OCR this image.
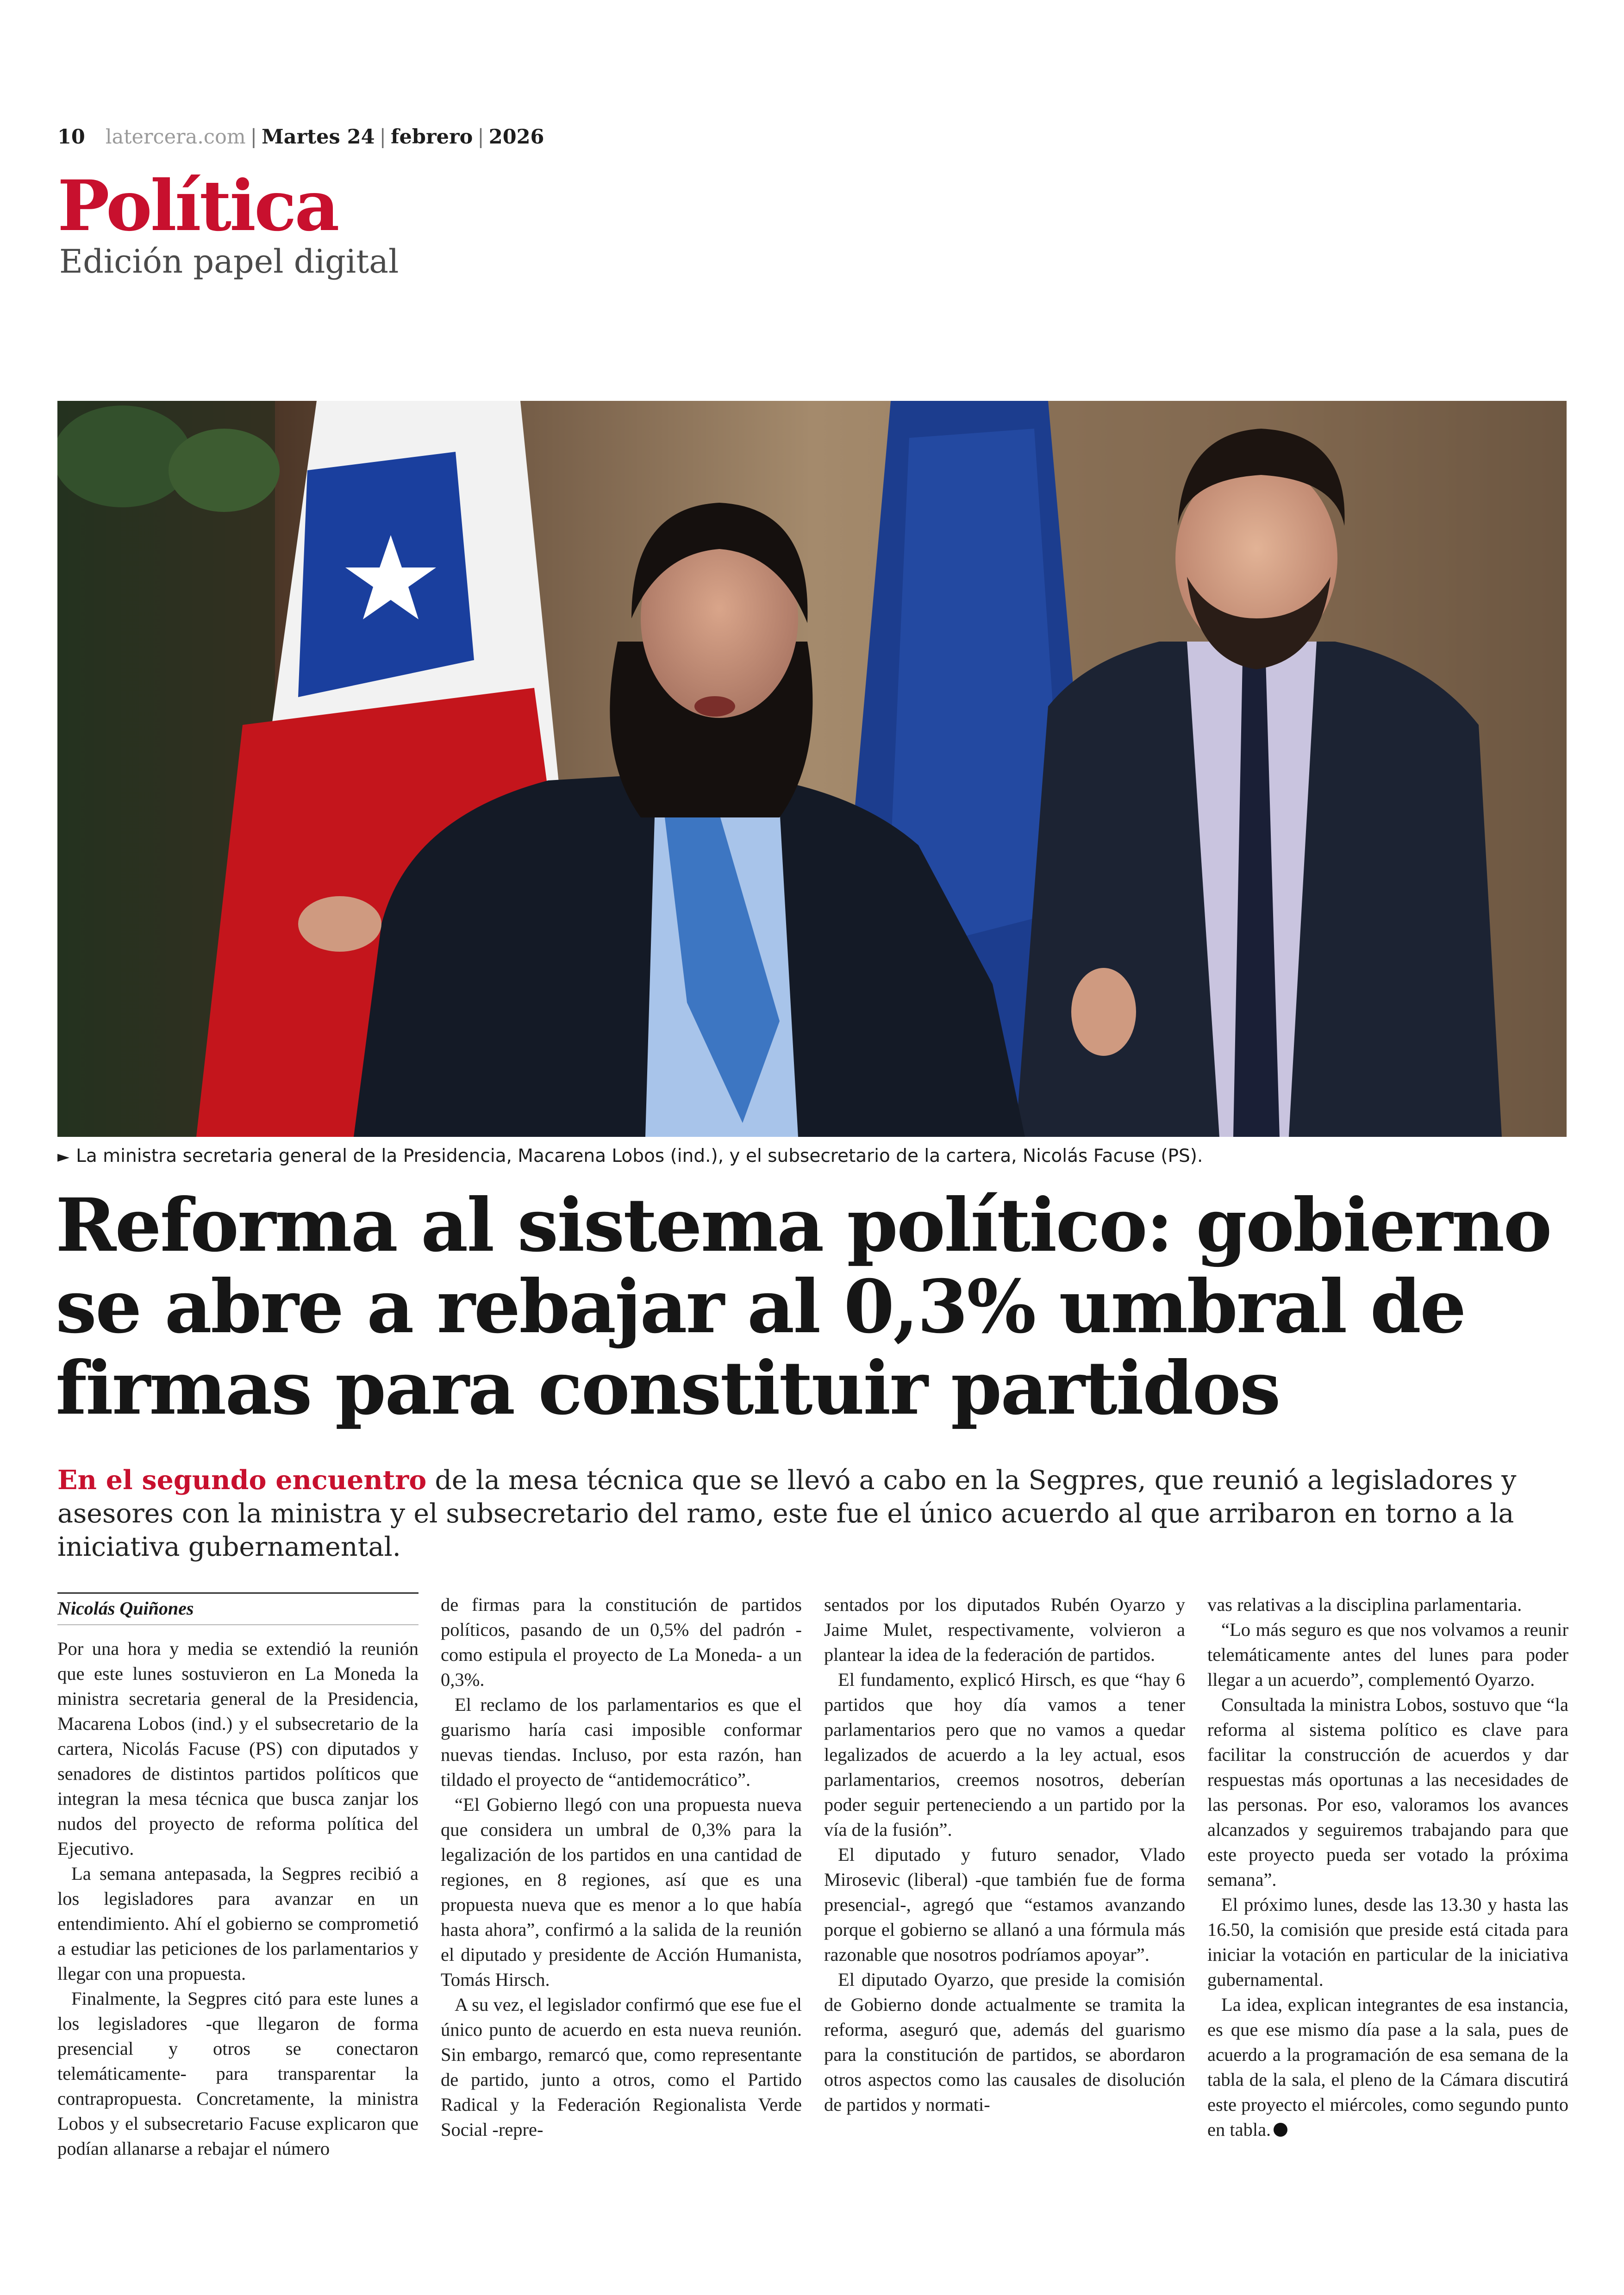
10 latercera.com | Martes 24 | febrero | 2026
Política
Edición papel digital
► La ministra secretaria general de la Presidencia, Macarena Lobos (ind.), y el subsecretario de la cartera, Nicolás Facuse (PS).
Reforma al sistema político: gobierno se abre a rebajar al 0,3% umbral de firmas para constituir partidos

En el segundo encuentro de la mesa técnica que se llevó a cabo en la Segpres, que reunió a legisladores y asesores con la ministra y el subsecretario del ramo, este fue el único acuerdo al que arribaron en torno a la iniciativa gubernamental.

Nicolás Quiñones

Por una hora y media se extendió la reunión que este lunes sostuvieron en La Moneda la ministra secretaria general de la Presidencia, Macarena Lobos (ind.) y el subsecretario de la cartera, Nicolás Facuse (PS) con diputados y senadores de distintos partidos políticos que integran la mesa técnica que busca zanjar los nudos del proyecto de reforma política del Ejecutivo.

La semana antepasada, la Segpres recibió a los legisladores para avanzar en un entendimiento. Ahí el gobierno se comprometió a estudiar las peticiones de los parlamentarios y llegar con una propuesta.

Finalmente, la Segpres citó para este lunes a los legisladores -que llegaron de forma presencial y otros se conectaron telemáticamente- para transparentar la contrapropuesta. Concretamente, la ministra Lobos y el subsecretario Facuse explicaron que podían allanarse a rebajar el número

de firmas para la constitución de partidos políticos, pasando de un 0,5% del padrón -como estipula el proyecto de La Moneda- a un 0,3%.

El reclamo de los parlamentarios es que el guarismo haría casi imposible conformar nuevas tiendas. Incluso, por esta razón, han tildado el proyecto de “antidemocrático”.

“El Gobierno llegó con una propuesta nueva que considera un umbral de 0,3% para la legalización de los partidos en una cantidad de regiones, en 8 regiones, así que es una propuesta nueva que es menor a lo que había hasta ahora”, confirmó a la salida de la reunión el diputado y presidente de Acción Humanista, Tomás Hirsch.

A su vez, el legislador confirmó que ese fue el único punto de acuerdo en esta nueva reunión. Sin embargo, remarcó que, como representante de partido, junto a otros, como el Partido Radical y la Federación Regionalista Verde Social -repre-

sentados por los diputados Rubén Oyarzo y Jaime Mulet, respectivamente, volvieron a plantear la idea de la federación de partidos.

El fundamento, explicó Hirsch, es que “hay 6 partidos que hoy día vamos a tener parlamentarios pero que no vamos a quedar legalizados de acuerdo a la ley actual, esos parlamentarios, creemos nosotros, deberían poder seguir perteneciendo a un partido por la vía de la fusión”.

El diputado y futuro senador, Vlado Mirosevic (liberal) -que también fue de forma presencial-, agregó que “estamos avanzando porque el gobierno se allanó a una fórmula más razonable que nosotros podríamos apoyar”.

El diputado Oyarzo, que preside la comisión de Gobierno donde actualmente se tramita la reforma, aseguró que, además del guarismo para la constitución de partidos, se abordaron otros aspectos como las causales de disolución de partidos y normati-

vas relativas a la disciplina parlamentaria.

“Lo más seguro es que nos volvamos a reunir telemáticamente antes del lunes para poder llegar a un acuerdo”, complementó Oyarzo.

Consultada la ministra Lobos, sostuvo que “la reforma al sistema político es clave para facilitar la construcción de acuerdos y dar respuestas más oportunas a las necesidades de las personas. Por eso, valoramos los avances alcanzados y seguiremos trabajando para que este proyecto pueda ser votado la próxima semana”.

El próximo lunes, desde las 13.30 y hasta las 16.50, la comisión que preside está citada para iniciar la votación en particular de la iniciativa gubernamental.

La idea, explican integrantes de esa instancia, es que ese mismo día pase a la sala, pues de acuerdo a la programación de esa semana de la tabla de la sala, el pleno de la Cámara discutirá este proyecto el miércoles, como segundo punto en tabla.
